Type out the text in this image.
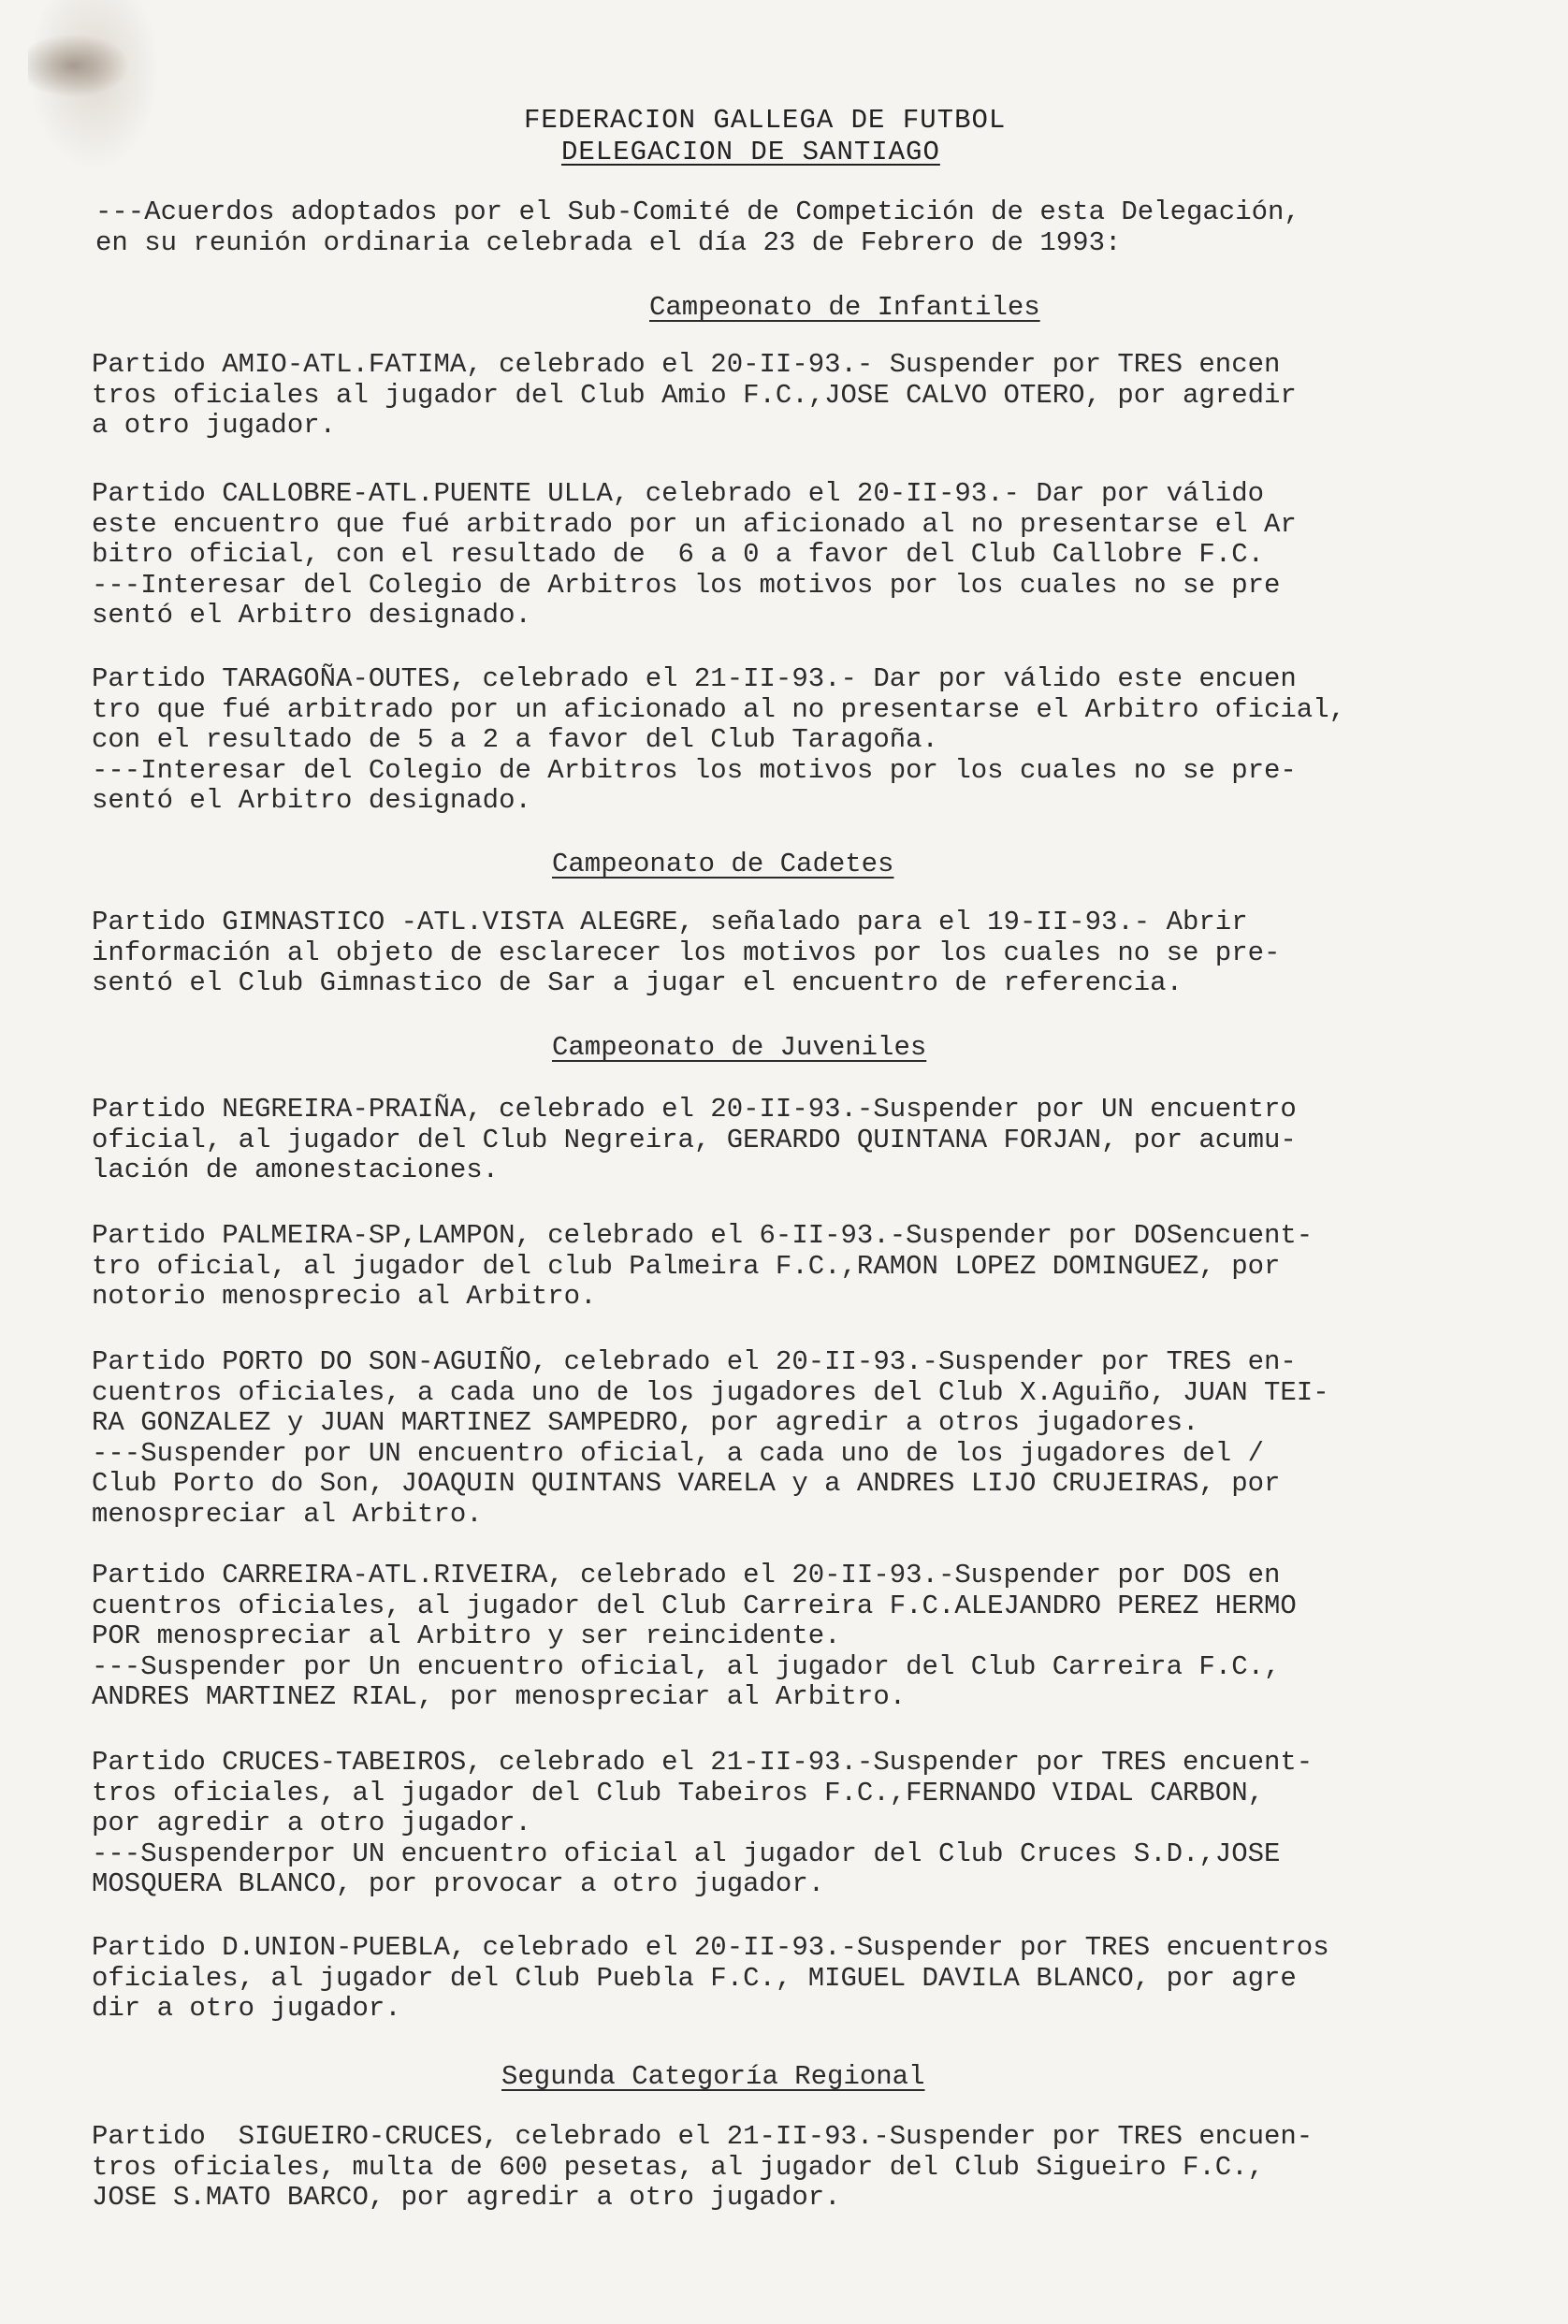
FEDERACION GALLEGA DE FUTBOL
DELEGACION DE SANTIAGO

---Acuerdos adoptados por el Sub-Comité de Competición de esta Delegación,
en su reunión ordinaria celebrada el día 23 de Febrero de 1993:

Campeonato de Infantiles

Partido AMIO-ATL.FATIMA, celebrado el 20-II-93.- Suspender por TRES encen
tros oficiales al jugador del Club Amio F.C.,JOSE CALVO OTERO, por agredir
a otro jugador.

Partido CALLOBRE-ATL.PUENTE ULLA, celebrado el 20-II-93.- Dar por válido
este encuentro que fué arbitrado por un aficionado al no presentarse el Ar
bitro oficial, con el resultado de  6 a 0 a favor del Club Callobre F.C.
---Interesar del Colegio de Arbitros los motivos por los cuales no se pre
sentó el Arbitro designado.

Partido TARAGOÑA-OUTES, celebrado el 21-II-93.- Dar por válido este encuen
tro que fué arbitrado por un aficionado al no presentarse el Arbitro oficial,
con el resultado de 5 a 2 a favor del Club Taragoña.
---Interesar del Colegio de Arbitros los motivos por los cuales no se pre-
sentó el Arbitro designado.

Campeonato de Cadetes

Partido GIMNASTICO -ATL.VISTA ALEGRE, señalado para el 19-II-93.- Abrir
información al objeto de esclarecer los motivos por los cuales no se pre-
sentó el Club Gimnastico de Sar a jugar el encuentro de referencia.

Campeonato de Juveniles

Partido NEGREIRA-PRAIÑA, celebrado el 20-II-93.-Suspender por UN encuentro
oficial, al jugador del Club Negreira, GERARDO QUINTANA FORJAN, por acumu-
lación de amonestaciones.

Partido PALMEIRA-SP,LAMPON, celebrado el 6-II-93.-Suspender por DOSencuent-
tro oficial, al jugador del club Palmeira F.C.,RAMON LOPEZ DOMINGUEZ, por
notorio menosprecio al Arbitro.

Partido PORTO DO SON-AGUIÑO, celebrado el 20-II-93.-Suspender por TRES en-
cuentros oficiales, a cada uno de los jugadores del Club X.Aguiño, JUAN TEI-
RA GONZALEZ y JUAN MARTINEZ SAMPEDRO, por agredir a otros jugadores.
---Suspender por UN encuentro oficial, a cada uno de los jugadores del /
Club Porto do Son, JOAQUIN QUINTANS VARELA y a ANDRES LIJO CRUJEIRAS, por
menospreciar al Arbitro.

Partido CARREIRA-ATL.RIVEIRA, celebrado el 20-II-93.-Suspender por DOS en
cuentros oficiales, al jugador del Club Carreira F.C.ALEJANDRO PEREZ HERMO
POR menospreciar al Arbitro y ser reincidente.
---Suspender por Un encuentro oficial, al jugador del Club Carreira F.C.,
ANDRES MARTINEZ RIAL, por menospreciar al Arbitro.

Partido CRUCES-TABEIROS, celebrado el 21-II-93.-Suspender por TRES encuent-
tros oficiales, al jugador del Club Tabeiros F.C.,FERNANDO VIDAL CARBON,
por agredir a otro jugador.
---Suspenderpor UN encuentro oficial al jugador del Club Cruces S.D.,JOSE
MOSQUERA BLANCO, por provocar a otro jugador.

Partido D.UNION-PUEBLA, celebrado el 20-II-93.-Suspender por TRES encuentros
oficiales, al jugador del Club Puebla F.C., MIGUEL DAVILA BLANCO, por agre
dir a otro jugador.

Segunda Categoría Regional

Partido  SIGUEIRO-CRUCES, celebrado el 21-II-93.-Suspender por TRES encuen-
tros oficiales, multa de 600 pesetas, al jugador del Club Sigueiro F.C.,
JOSE S.MATO BARCO, por agredir a otro jugador.
